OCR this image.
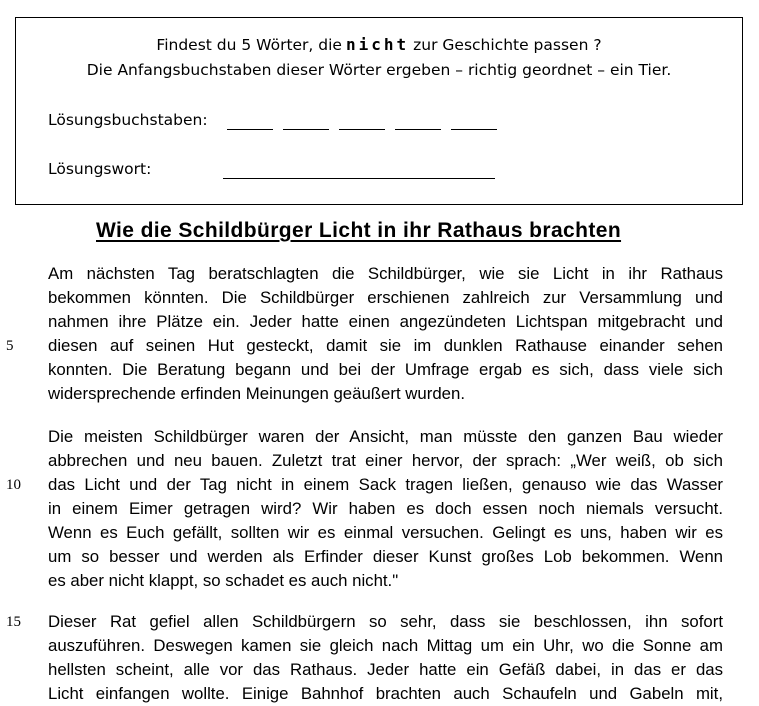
Findest du 5 Wörter, die nicht zur Geschichte passen ?
Die Anfangsbuchstaben dieser Wörter ergeben – richtig geordnet – ein Tier.
Lösungsbuchstaben:
Lösungswort:
Wie die Schildbürger Licht in ihr Rathaus brachten
Am nächsten Tag beratschlagten die Schildbürger, wie sie Licht in ihr Rathaus
bekommen könnten. Die Schildbürger erschienen zahlreich zur Versammlung und
nahmen ihre Plätze ein. Jeder hatte einen angezündeten Lichtspan mitgebracht und
diesen auf seinen Hut gesteckt, damit sie im dunklen Rathause einander sehen
konnten. Die Beratung begann und bei der Umfrage ergab es sich, dass viele sich
widersprechende erfinden Meinungen geäußert wurden.
Die meisten Schildbürger waren der Ansicht, man müsste den ganzen Bau wieder
abbrechen und neu bauen. Zuletzt trat einer hervor, der sprach: „Wer weiß, ob sich
das Licht und der Tag nicht in einem Sack tragen ließen, genauso wie das Wasser
in einem Eimer getragen wird? Wir haben es doch essen noch niemals versucht.
Wenn es Euch gefällt, sollten wir es einmal versuchen. Gelingt es uns, haben wir es
um so besser und werden als Erfinder dieser Kunst großes Lob bekommen. Wenn
es aber nicht klappt, so schadet es auch nicht."
Dieser Rat gefiel allen Schildbürgern so sehr, dass sie beschlossen, ihn sofort
auszuführen. Deswegen kamen sie gleich nach Mittag um ein Uhr, wo die Sonne am
hellsten scheint, alle vor das Rathaus. Jeder hatte ein Gefäß dabei, in das er das
Licht einfangen wollte. Einige Bahnhof brachten auch Schaufeln und Gabeln mit,
5
10
15
